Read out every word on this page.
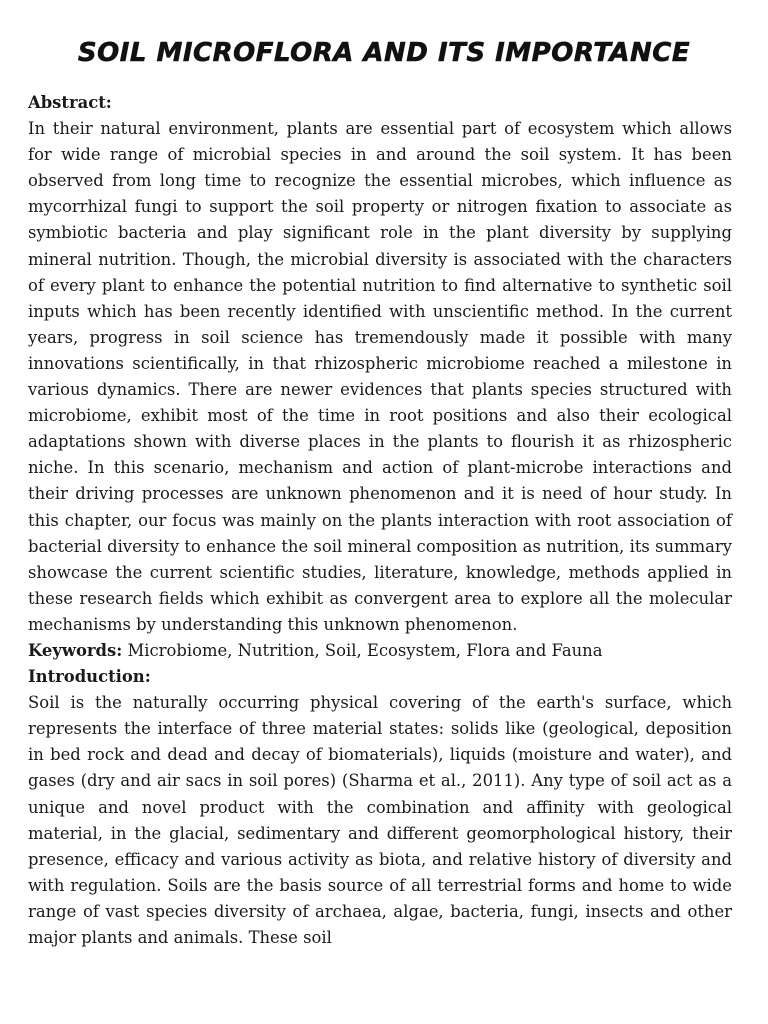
SOIL MICROFLORA AND ITS IMPORTANCE

Abstract:

In their natural environment, plants are essential part of ecosystem which allows for wide range of microbial species in and around the soil system. It has been observed from long time to recognize the essential microbes, which influence as mycorrhizal fungi to support the soil property or nitrogen fixation to associate as symbiotic bacteria and play significant role in the plant diversity by supplying mineral nutrition. Though, the microbial diversity is associated with the characters of every plant to enhance the potential nutrition to find alternative to synthetic soil inputs which has been recently identified with unscientific method. In the current years, progress in soil science has tremendously made it possible with many innovations scientifically, in that rhizospheric microbiome reached a milestone in various dynamics. There are newer evidences that plants species structured with microbiome, exhibit most of the time in root positions and also their ecological adaptations shown with diverse places in the plants to flourish it as rhizospheric niche. In this scenario, mechanism and action of plant-microbe interactions and their driving processes are unknown phenomenon and it is need of hour study. In this chapter, our focus was mainly on the plants interaction with root association of bacterial diversity to enhance the soil mineral composition as nutrition, its summary showcase the current scientific studies, literature, knowledge, methods applied in these research fields which exhibit as convergent area to explore all the molecular mechanisms by understanding this unknown phenomenon.

Keywords: Microbiome, Nutrition, Soil, Ecosystem, Flora and Fauna

Introduction:

Soil is the naturally occurring physical covering of the earth's surface, which represents the interface of three material states: solids like (geological, deposition in bed rock and dead and decay of biomaterials), liquids (moisture and water), and gases (dry and air sacs in soil pores) (Sharma et al., 2011). Any type of soil act as a unique and novel product with the combination and affinity with geological material, in the glacial, sedimentary and different geomorphological history, their presence, efficacy and various activity as biota, and relative history of diversity and with regulation. Soils are the basis source of all terrestrial forms and home to wide range of vast species diversity of archaea, algae, bacteria, fungi, insects and other major plants and animals. These soil
